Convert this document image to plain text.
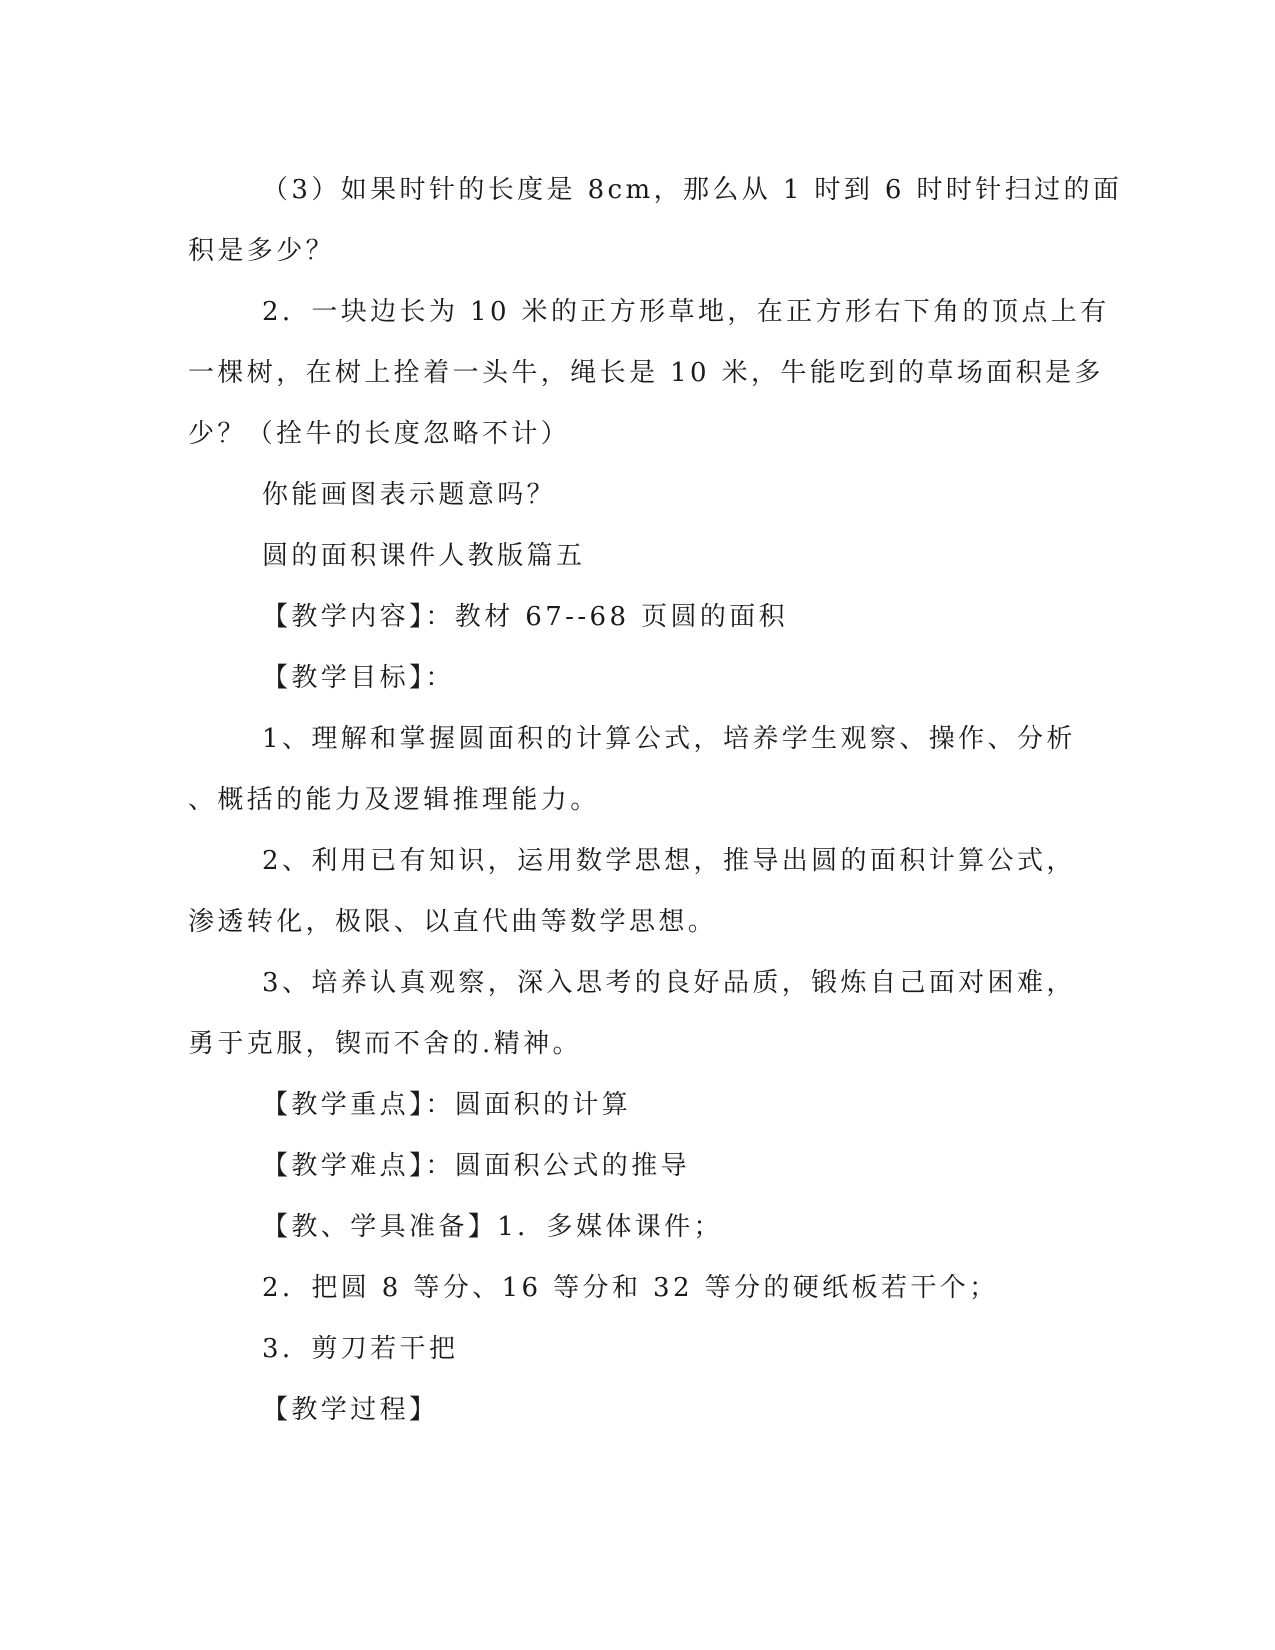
（3）如果时针的长度是 8cm，那么从 1 时到 6 时时针扫过的面
积是多少？
2．一块边长为 10 米的正方形草地，在正方形右下角的顶点上有
一棵树，在树上拴着一头牛，绳长是 10 米，牛能吃到的草场面积是多
少？（拴牛的长度忽略不计）
你能画图表示题意吗？
圆的面积课件人教版篇五
【教学内容】：教材 67--68 页圆的面积
【教学目标】：
1、理解和掌握圆面积的计算公式，培养学生观察、操作、分析
、概括的能力及逻辑推理能力。
2、利用已有知识，运用数学思想，推导出圆的面积计算公式，
渗透转化，极限、以直代曲等数学思想。
3、培养认真观察，深入思考的良好品质，锻炼自己面对困难，
勇于克服，锲而不舍的.精神。
【教学重点】：圆面积的计算
【教学难点】：圆面积公式的推导
【教、学具准备】1．多媒体课件；
2．把圆 8 等分、16 等分和 32 等分的硬纸板若干个；
3．剪刀若干把
【教学过程】
